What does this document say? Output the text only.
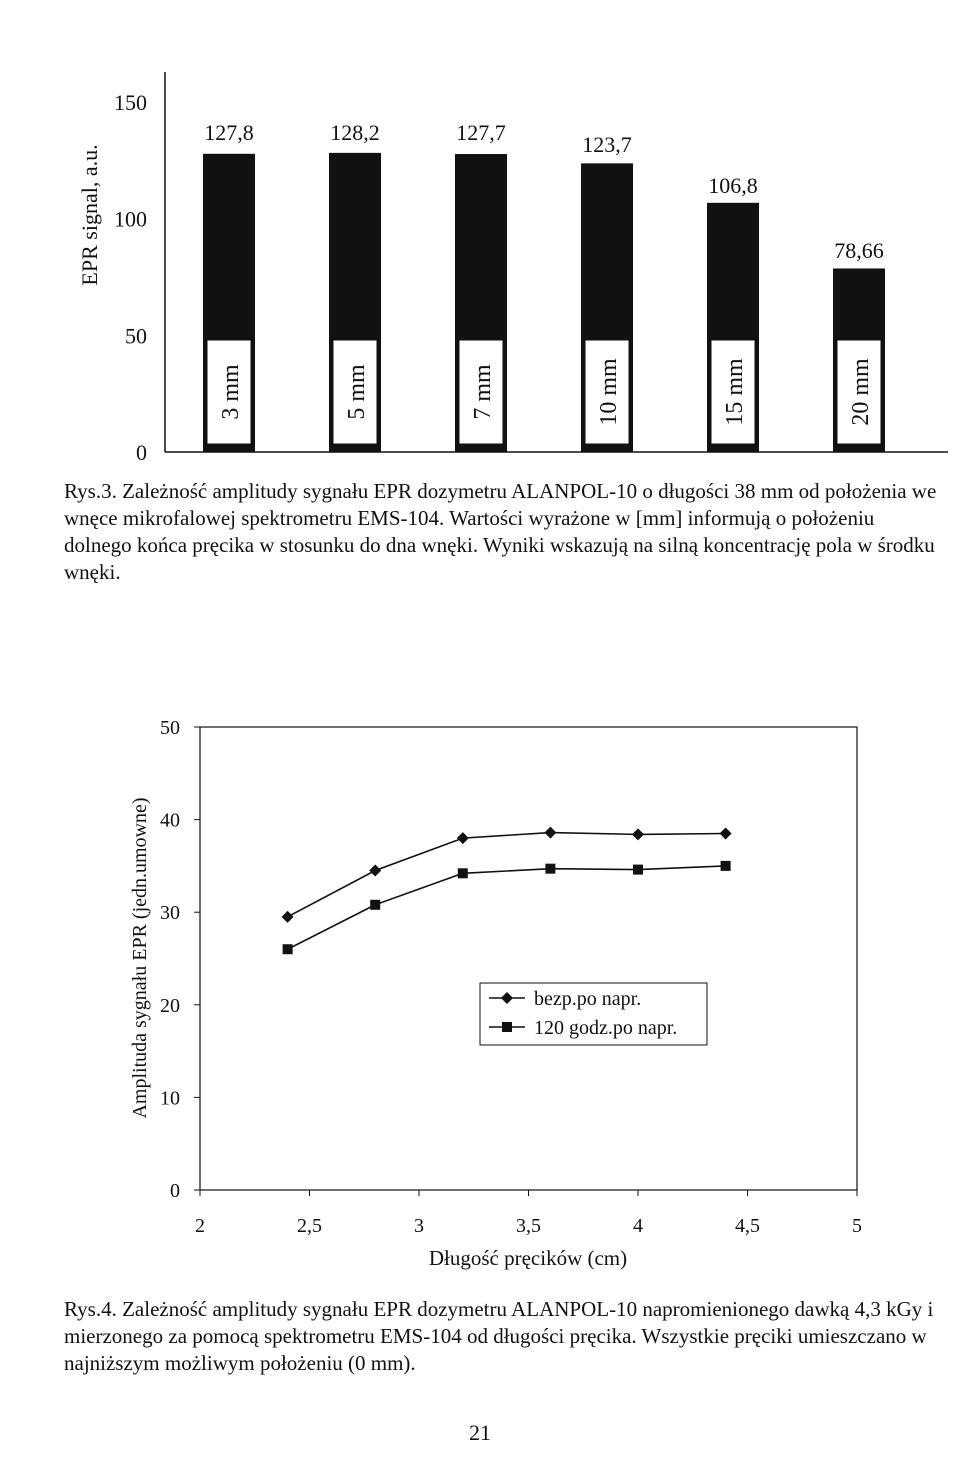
0
50
100
150
EPR signal, a.u.
3 mm
127,8
5 mm
128,2
7 mm
127,7
10 mm
123,7
15 mm
106,8
20 mm
78,66
0
10
20
30
40
50
2	2,5	3	3,5	4	4,5	5
Długość pręcików (cm)
Amplituda sygnału EPR (jedn.umowne)	bezp.po napr.
120 godz.po napr.
Rys.3. Zależność amplitudy sygnału EPR dozymetru ALANPOL-10 o długości 38 mm od położenia we wnęce mikrofalowej spektrometru EMS-104. Wartości wyrażone w [mm] informują o położeniu dolnego końca pręcika w stosunku do dna wnęki. Wyniki wskazują na silną koncentrację pola w środku wnęki.
Rys.4. Zależność amplitudy sygnału EPR dozymetru ALANPOL-10 napromienionego dawką 4,3 kGy i mierzonego za pomocą spektrometru EMS-104 od długości pręcika. Wszystkie pręciki umieszczano w najniższym możliwym położeniu (0 mm).
21
